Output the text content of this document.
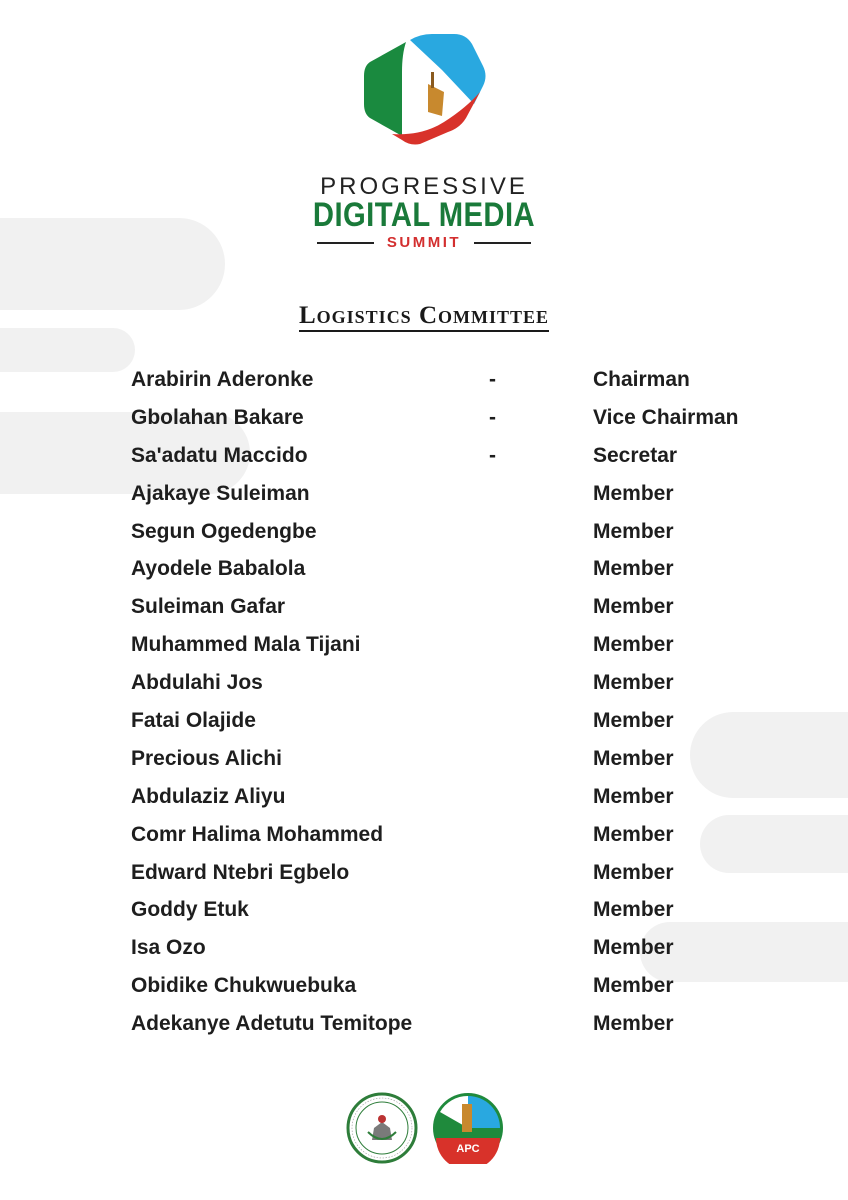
PROGRESSIVE
DIGITAL MEDIA
SUMMIT
Logistics Committee
Arabirin Aderonke	-	Chairman
Gbolahan Bakare	-	Vice Chairman
Sa'adatu Maccido	-	Secretar
Ajakaye Suleiman	Member
Segun Ogedengbe	Member
Ayodele Babalola	Member
Suleiman Gafar	Member
Muhammed Mala Tijani	Member
Abdulahi Jos	Member
Fatai Olajide	Member
Precious Alichi	Member
Abdulaziz Aliyu	Member
Comr Halima Mohammed	Member
Edward Ntebri Egbelo	Member
Goddy Etuk	Member
Isa Ozo	Member
Obidike Chukwuebuka	Member
Adekanye Adetutu Temitope	Member
APC
